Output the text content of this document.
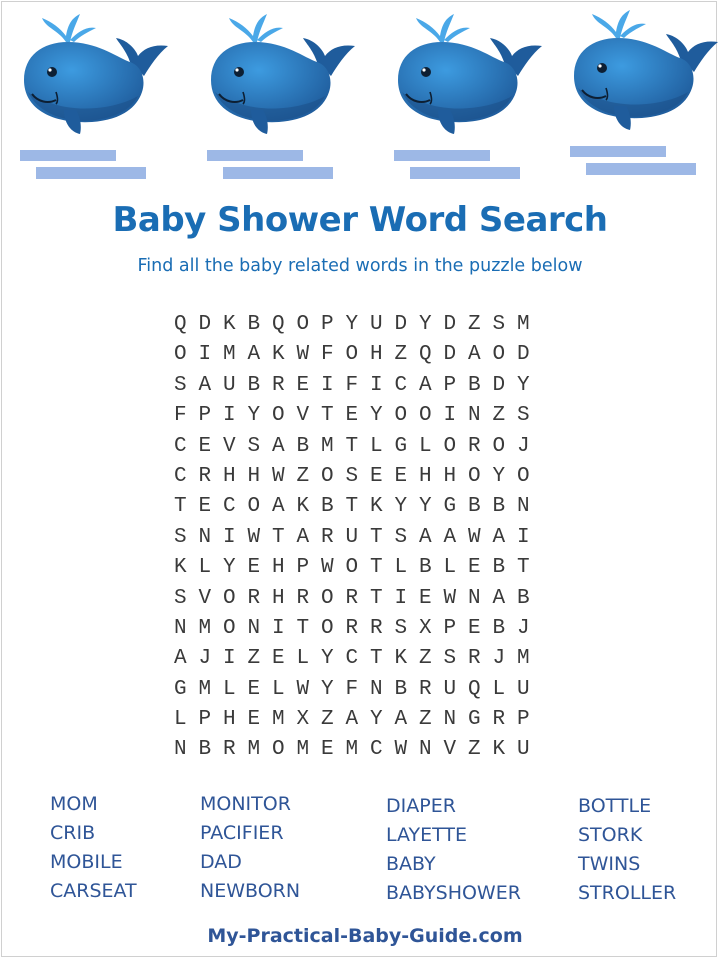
Baby Shower Word Search
Find all the baby related words in the puzzle below
Q D K B Q O P Y U D Y D Z S M
O I M A K W F O H Z Q D A O D
S A U B R E I F I C A P B D Y
F P I Y O V T E Y O O I N Z S
C E V S A B M T L G L O R O J
C R H H W Z O S E E H H O Y O
T E C O A K B T K Y Y G B B N
S N I W T A R U T S A A W A I
K L Y E H P W O T L B L E B T
S V O R H R O R T I E W N A B
N M O N I T O R R S X P E B J
A J I Z E L Y C T K Z S R J M
G M L E L W Y F N B R U Q L U
L P H E M X Z A Y A Z N G R P
N B R M O M E M C W N V Z K U
MOM
CRIB
MOBILE
CARSEAT
MONITOR
PACIFIER
DAD
NEWBORN
DIAPER
LAYETTE
BABY
BABYSHOWER
BOTTLE
STORK
TWINS
STROLLER
My-Practical-Baby-Guide.com
